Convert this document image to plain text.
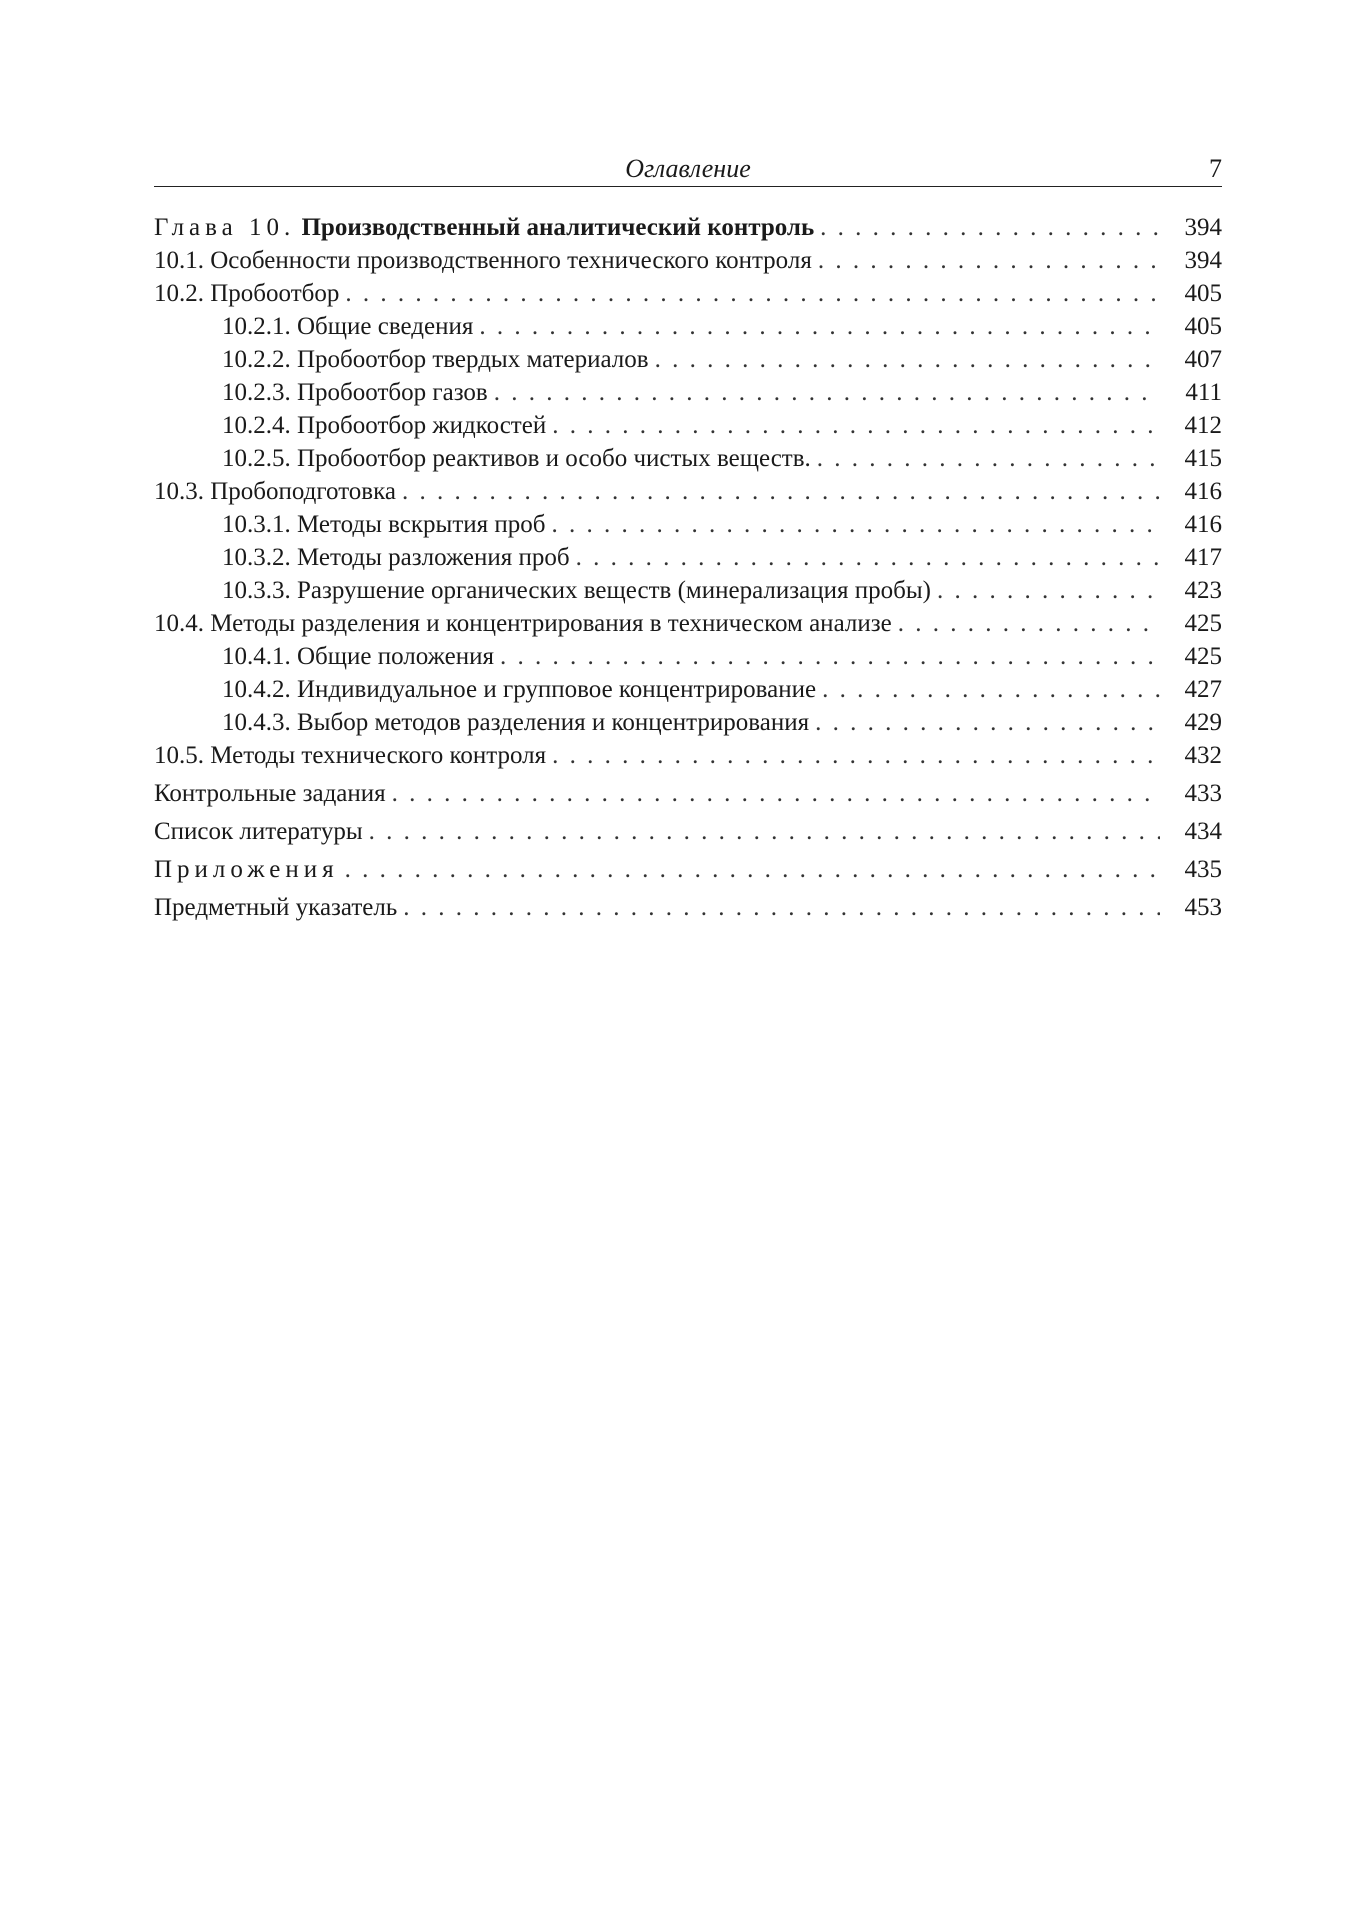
Оглавление	7
Глава 10. Производственный аналитический контроль . . .	394
10.1. Особенности производственного технического контроля . . .	394
10.2. Пробоотбор . . .	405
10.2.1. Общие сведения . . .	405
10.2.2. Пробоотбор твердых материалов . . .	407
10.2.3. Пробоотбор газов . . .	411
10.2.4. Пробоотбор жидкостей . . .	412
10.2.5. Пробоотбор реактивов и особо чистых веществ. . . .	415
10.3. Пробоподготовка . . .	416
10.3.1. Методы вскрытия проб . . .	416
10.3.2. Методы разложения проб . . .	417
10.3.3. Разрушение органических веществ (минерализация пробы) . . .	423
10.4. Методы разделения и концентрирования в техническом анализе . . .	425
10.4.1. Общие положения . . .	425
10.4.2. Индивидуальное и групповое концентрирование . . .	427
10.4.3. Выбор методов разделения и концентрирования . . .	429
10.5. Методы технического контроля . . .	432
Контрольные задания . . .	433
Список литературы . . .	434
Приложения . . .	435
Предметный указатель . . .	453
